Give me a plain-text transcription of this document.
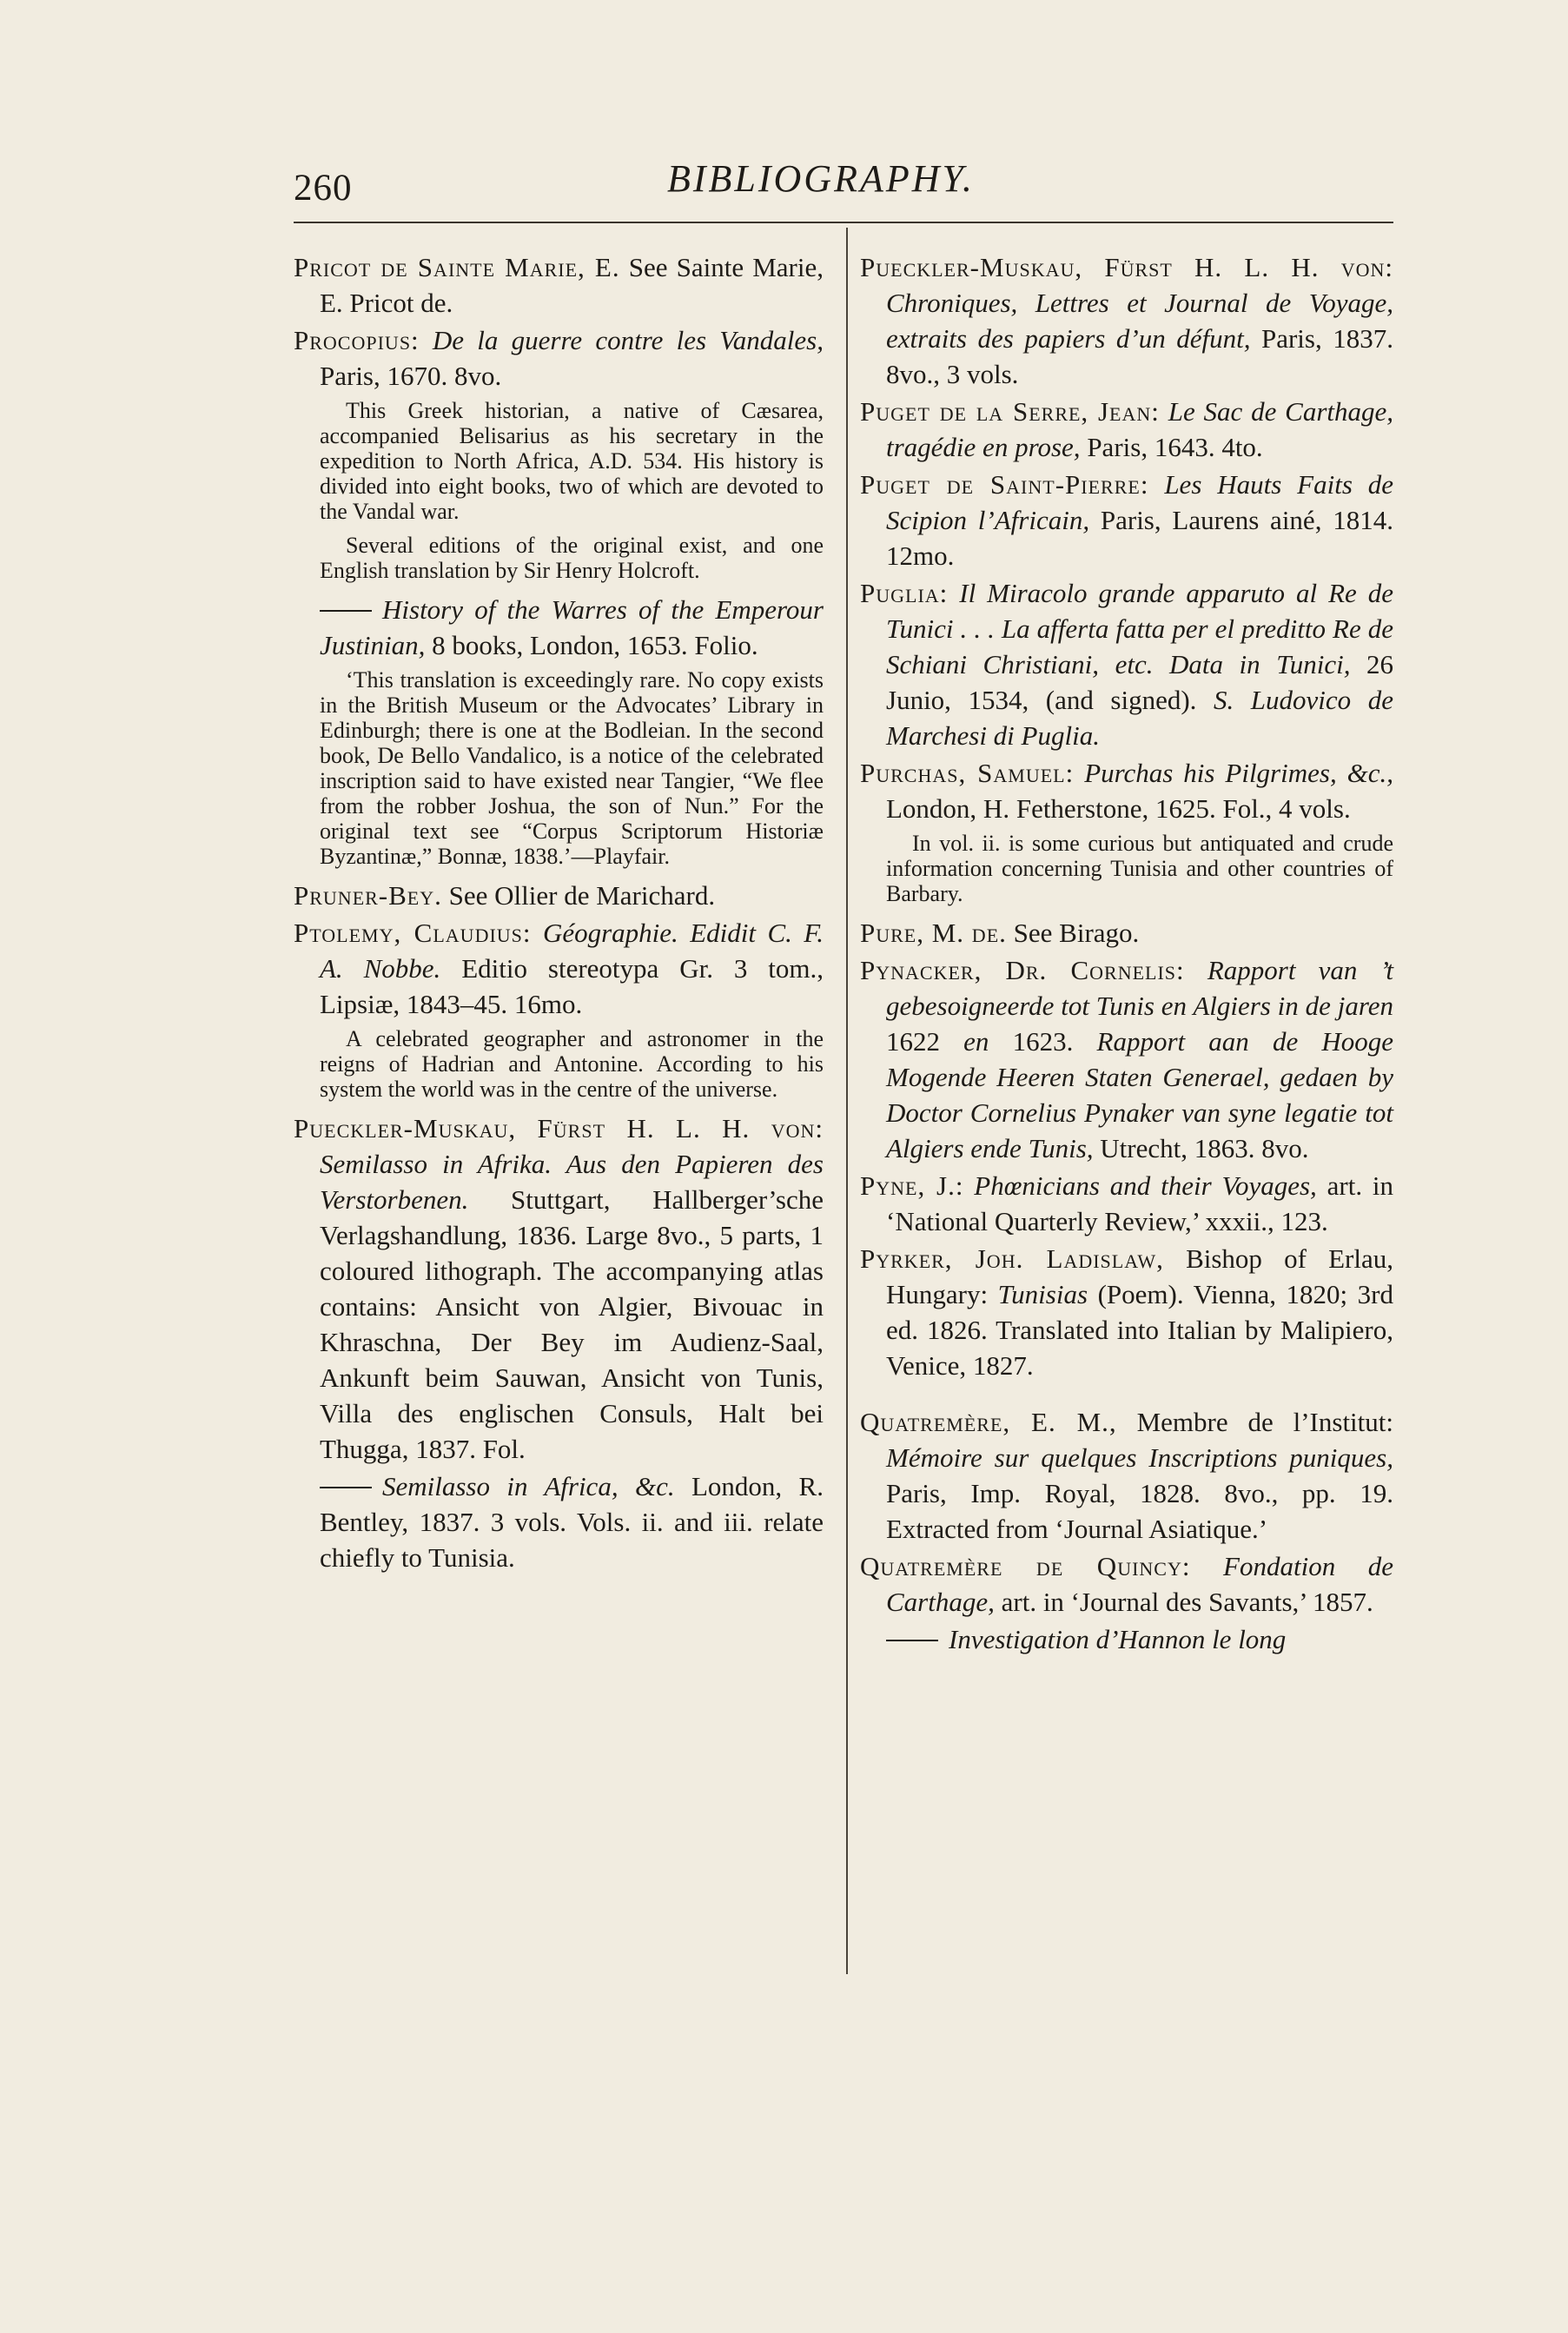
260	BIBLIOGRAPHY.

Pricot de Sainte Marie, E. See Sainte Marie, E. Pricot de.

Procopius: De la guerre contre les Vandales, Paris, 1670. 8vo.

This Greek historian, a native of Cæsarea, accompanied Belisarius as his secretary in the expedition to North Africa, A.D. 534. His history is divided into eight books, two of which are devoted to the Vandal war.

Several editions of the original exist, and one English translation by Sir Henry Holcroft.

History of the Warres of the Emperour Justinian, 8 books, London, 1653. Folio.

‘This translation is exceedingly rare. No copy exists in the British Museum or the Advocates’ Library in Edinburgh; there is one at the Bodleian. In the second book, De Bello Vandalico, is a notice of the celebrated inscription said to have existed near Tangier, “We flee from the robber Joshua, the son of Nun.” For the original text see “Corpus Scriptorum Historiæ Byzantinæ,” Bonnæ, 1838.’—Playfair.

Pruner-Bey. See Ollier de Marichard.

Ptolemy, Claudius: Géographie. Edidit C. F. A. Nobbe. Editio stereotypa Gr. 3 tom., Lipsiæ, 1843–45. 16mo.

A celebrated geographer and astronomer in the reigns of Hadrian and Antonine. According to his system the world was in the centre of the universe.

Pueckler-Muskau, Fürst H. L. H. von: Semilasso in Afrika. Aus den Papieren des Verstorbenen. Stuttgart, Hallberger’sche Verlagshandlung, 1836. Large 8vo., 5 parts, 1 coloured lithograph. The accompanying atlas contains: Ansicht von Algier, Bivouac in Khraschna, Der Bey im Audienz-Saal, Ankunft beim Sauwan, Ansicht von Tunis, Villa des englischen Consuls, Halt bei Thugga, 1837. Fol.

Semilasso in Africa, &c. London, R. Bentley, 1837. 3 vols. Vols. ii. and iii. relate chiefly to Tunisia.

Pueckler-Muskau, Fürst H. L. H. von: Chroniques, Lettres et Journal de Voyage, extraits des papiers d’un défunt, Paris, 1837. 8vo., 3 vols.

Puget de la Serre, Jean: Le Sac de Carthage, tragédie en prose, Paris, 1643. 4to.

Puget de Saint-Pierre: Les Hauts Faits de Scipion l’Africain, Paris, Laurens ainé, 1814. 12mo.

Puglia: Il Miracolo grande apparuto al Re de Tunici . . . La afferta fatta per el preditto Re de Schiani Christiani, etc. Data in Tunici, 26 Junio, 1534, (and signed). S. Ludovico de Marchesi di Puglia.

Purchas, Samuel: Purchas his Pilgrimes, &c., London, H. Fetherstone, 1625. Fol., 4 vols.

In vol. ii. is some curious but antiquated and crude information concerning Tunisia and other countries of Barbary.

Pure, M. de. See Birago.

Pynacker, Dr. Cornelis: Rapport van ’t gebesoigneerde tot Tunis en Algiers in de jaren 1622 en 1623. Rapport aan de Hooge Mogende Heeren Staten Generael, gedaen by Doctor Cornelius Pynaker van syne legatie tot Algiers ende Tunis, Utrecht, 1863. 8vo.

Pyne, J.: Phœnicians and their Voyages, art. in ‘National Quarterly Review,’ xxxii., 123.

Pyrker, Joh. Ladislaw, Bishop of Erlau, Hungary: Tunisias (Poem). Vienna, 1820; 3rd ed. 1826. Translated into Italian by Malipiero, Venice, 1827.

Quatremère, E. M., Membre de l’Institut: Mémoire sur quelques Inscriptions puniques, Paris, Imp. Royal, 1828. 8vo., pp. 19. Extracted from ‘Journal Asiatique.’

Quatremère de Quincy: Fondation de Carthage, art. in ‘Journal des Savants,’ 1857.

Investigation d’Hannon le long
